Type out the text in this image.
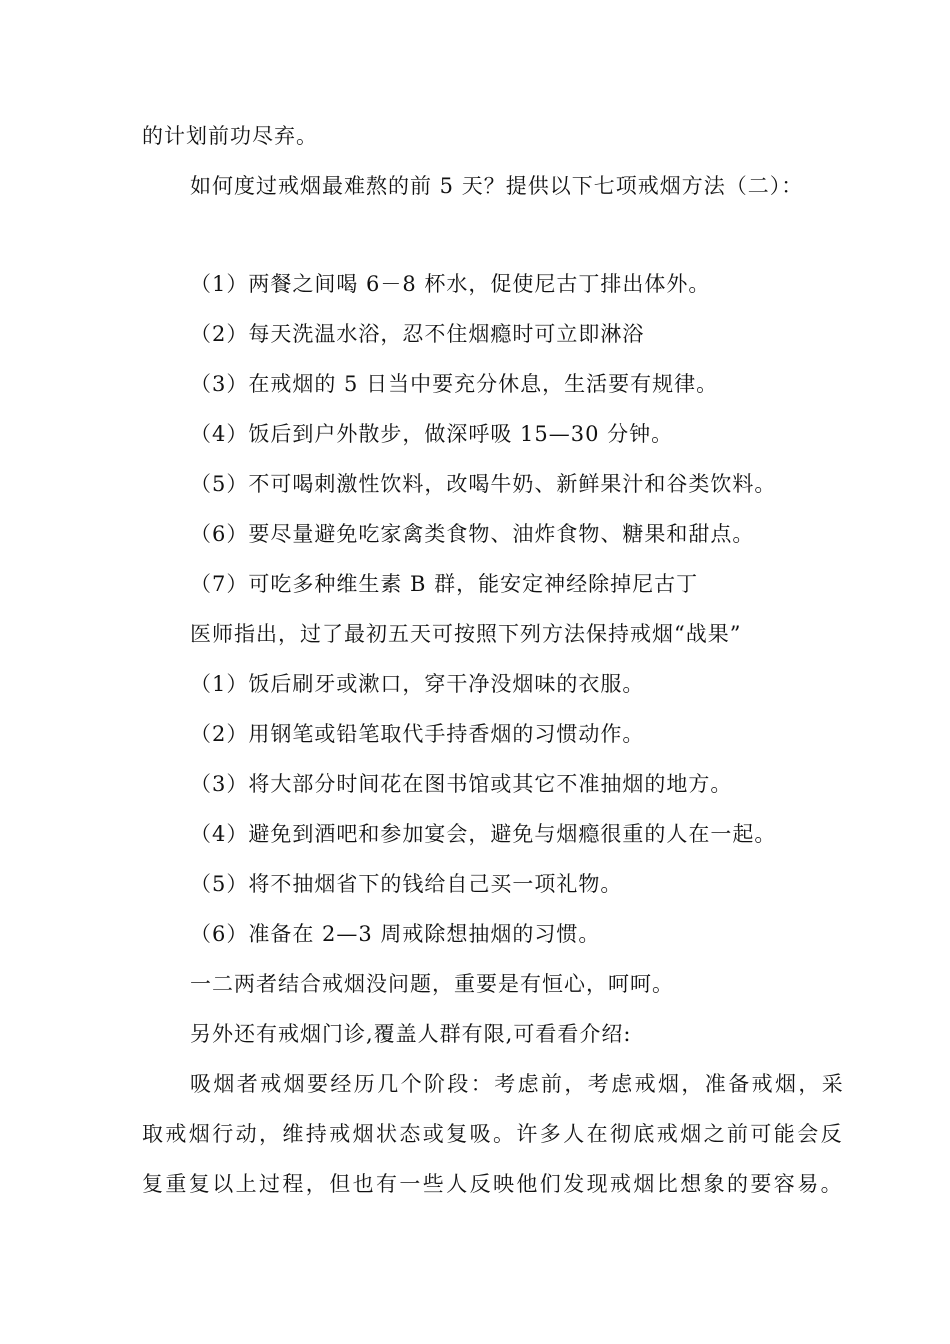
的计划前功尽弃。
如何度过戒烟最难熬的前 5 天？提供以下七项戒烟方法（二）：
（1）两餐之间喝 6－8 杯水，促使尼古丁排出体外。
（2）每天洗温水浴，忍不住烟瘾时可立即淋浴
（3）在戒烟的 5 日当中要充分休息，生活要有规律。
（4）饭后到户外散步，做深呼吸 15—30 分钟。
（5）不可喝刺激性饮料，改喝牛奶、新鲜果汁和谷类饮料。
（6）要尽量避免吃家禽类食物、油炸食物、糖果和甜点。
（7）可吃多种维生素 B 群，能安定神经除掉尼古丁
医师指出，过了最初五天可按照下列方法保持戒烟“战果”
（1）饭后刷牙或漱口，穿干净没烟味的衣服。
（2）用钢笔或铅笔取代手持香烟的习惯动作。
（3）将大部分时间花在图书馆或其它不准抽烟的地方。
（4）避免到酒吧和参加宴会，避免与烟瘾很重的人在一起。
（5）将不抽烟省下的钱给自己买一项礼物。
（6）准备在 2—3 周戒除想抽烟的习惯。
一二两者结合戒烟没问题，重要是有恒心，呵呵。
另外还有戒烟门诊,覆盖人群有限,可看看介绍:
吸烟者戒烟要经历几个阶段：考虑前，考虑戒烟，准备戒烟，采
取戒烟行动，维持戒烟状态或复吸。许多人在彻底戒烟之前可能会反
复重复以上过程，但也有一些人反映他们发现戒烟比想象的要容易。
